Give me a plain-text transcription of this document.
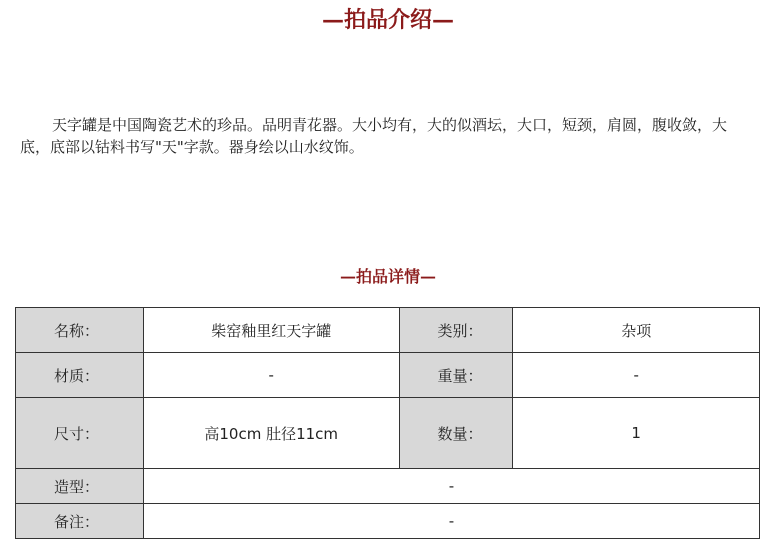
—拍品介绍—
天字罐是中国陶瓷艺术的珍品。品明青花器。大小均有，大的似酒坛，大口，短颈，肩圆，腹收敛，大底，底部以钴料书写"天"字款。器身绘以山水纹饰。
—拍品详情—
名称：	柴窑釉里红天字罐	类别：	杂项
材质：	-	重量：	-
尺寸：	高10cm 肚径11cm	数量：	1
造型：	-		
备注：	-		
